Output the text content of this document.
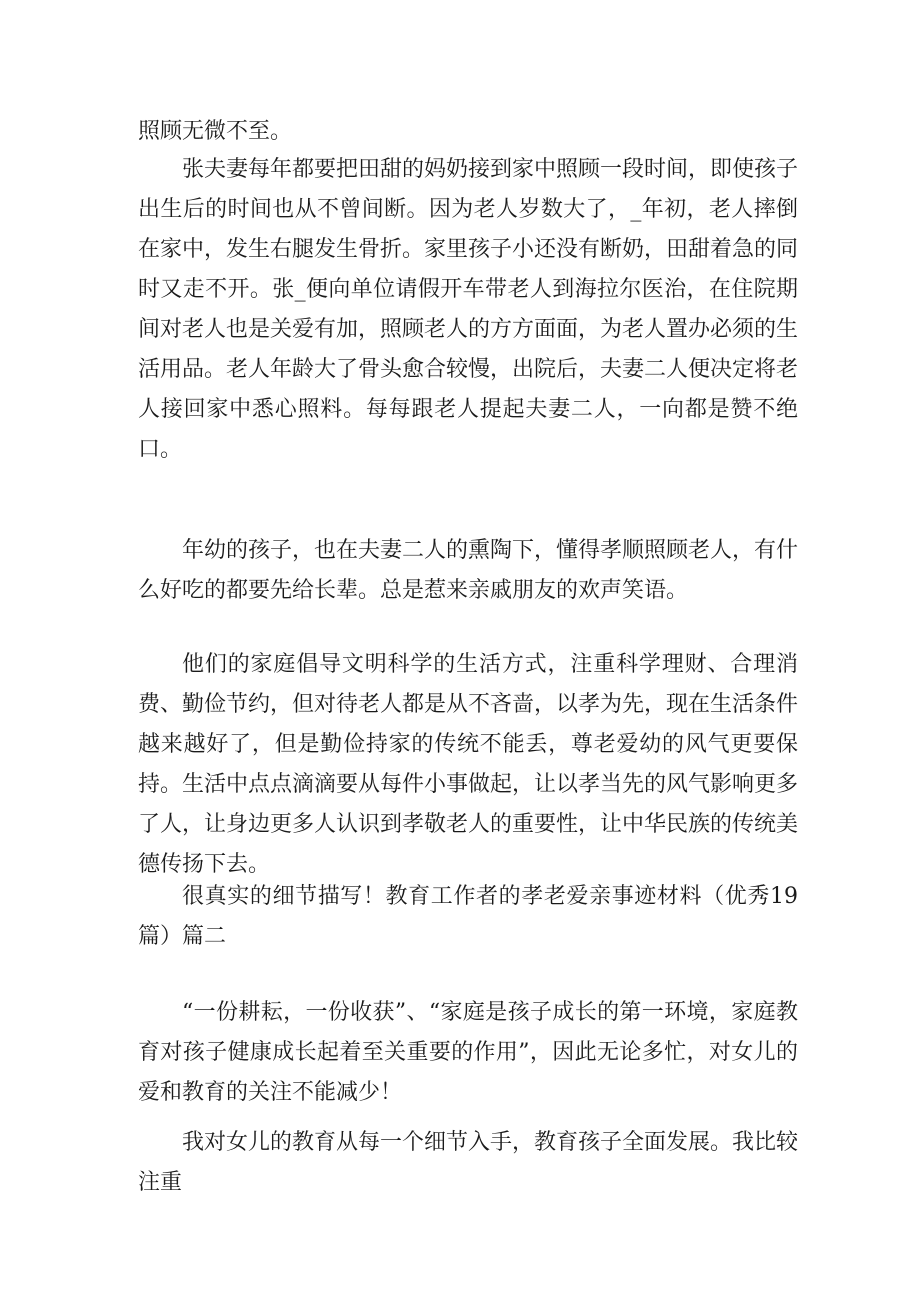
照顾无微不至。

张夫妻每年都要把田甜的妈奶接到家中照顾一段时间，即使孩子出生后的时间也从不曾间断。因为老人岁数大了，_年初，老人摔倒在家中，发生右腿发生骨折。家里孩子小还没有断奶，田甜着急的同时又走不开。张_便向单位请假开车带老人到海拉尔医治，在住院期间对老人也是关爱有加，照顾老人的方方面面，为老人置办必须的生活用品。老人年龄大了骨头愈合较慢，出院后，夫妻二人便决定将老人接回家中悉心照料。每每跟老人提起夫妻二人，一向都是赞不绝口。

年幼的孩子，也在夫妻二人的熏陶下，懂得孝顺照顾老人，有什么好吃的都要先给长辈。总是惹来亲戚朋友的欢声笑语。

他们的家庭倡导文明科学的生活方式，注重科学理财、合理消费、勤俭节约，但对待老人都是从不吝啬，以孝为先，现在生活条件越来越好了，但是勤俭持家的传统不能丢，尊老爱幼的风气更要保持。生活中点点滴滴要从每件小事做起，让以孝当先的风气影响更多了人，让身边更多人认识到孝敬老人的重要性，让中华民族的传统美德传扬下去。

很真实的细节描写！教育工作者的孝老爱亲事迹材料（优秀19篇）篇二

“一份耕耘，一份收获”、“家庭是孩子成长的第一环境，家庭教育对孩子健康成长起着至关重要的作用”，因此无论多忙，对女儿的爱和教育的关注不能减少！

我对女儿的教育从每一个细节入手，教育孩子全面发展。我比较注重
